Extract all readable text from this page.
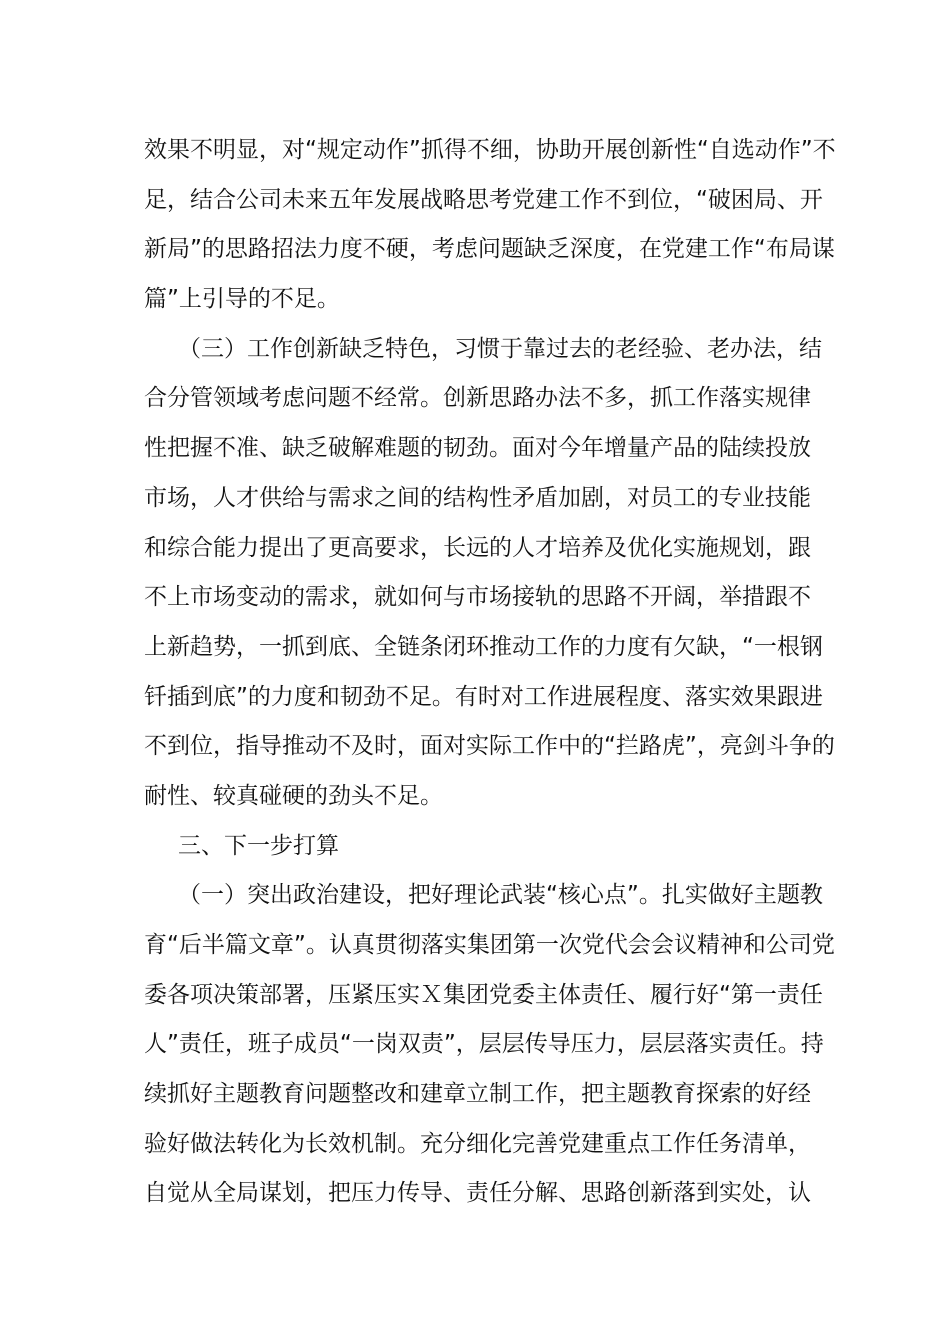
效果不明显，对“规定动作”抓得不细，协助开展创新性“自选动作”不
足，结合公司未来五年发展战略思考党建工作不到位，“破困局、开
新局”的思路招法力度不硬，考虑问题缺乏深度，在党建工作“布局谋
篇”上引导的不足。
（三）工作创新缺乏特色，习惯于靠过去的老经验、老办法，结
合分管领域考虑问题不经常。创新思路办法不多，抓工作落实规律
性把握不准、缺乏破解难题的韧劲。面对今年增量产品的陆续投放
市场，人才供给与需求之间的结构性矛盾加剧，对员工的专业技能
和综合能力提出了更高要求，长远的人才培养及优化实施规划，跟
不上市场变动的需求，就如何与市场接轨的思路不开阔，举措跟不
上新趋势，一抓到底、全链条闭环推动工作的力度有欠缺，“一根钢
钎插到底”的力度和韧劲不足。有时对工作进展程度、落实效果跟进
不到位，指导推动不及时，面对实际工作中的“拦路虎”，亮剑斗争的
耐性、较真碰硬的劲头不足。
三、下一步打算
（一）突出政治建设，把好理论武装“核心点”。扎实做好主题教
育“后半篇文章”。认真贯彻落实集团第一次党代会会议精神和公司党
委各项决策部署，压紧压实Ｘ集团党委主体责任、履行好“第一责任
人”责任，班子成员“一岗双责”，层层传导压力，层层落实责任。持
续抓好主题教育问题整改和建章立制工作，把主题教育探索的好经
验好做法转化为长效机制。充分细化完善党建重点工作任务清单，
自觉从全局谋划，把压力传导、责任分解、思路创新落到实处，认
